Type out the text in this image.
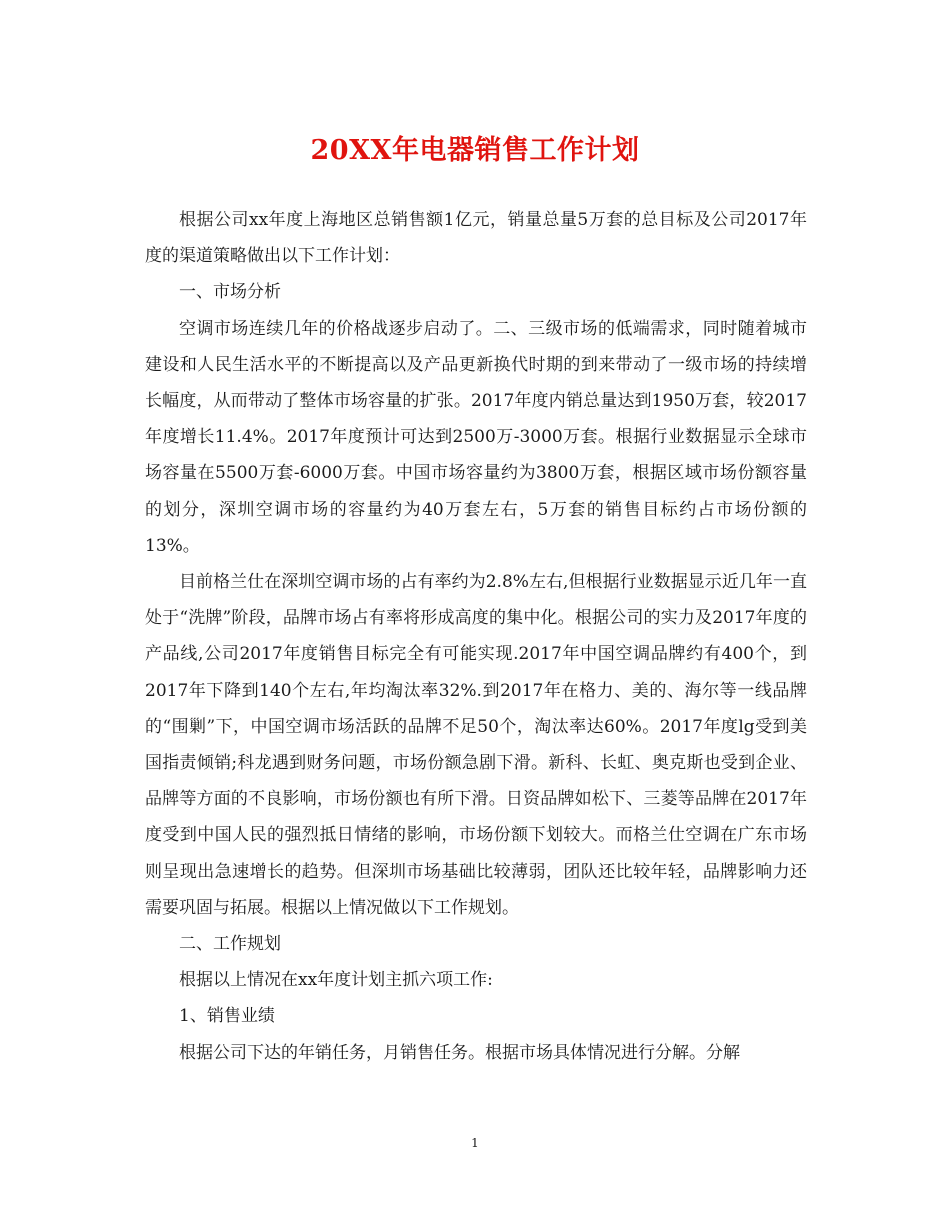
20XX年电器销售工作计划

根据公司xx年度上海地区总销售额1亿元，销量总量5万套的总目标及公司2017年度的渠道策略做出以下工作计划：

一、市场分析

空调市场连续几年的价格战逐步启动了。二、三级市场的低端需求，同时随着城市建设和人民生活水平的不断提高以及产品更新换代时期的到来带动了一级市场的持续增长幅度，从而带动了整体市场容量的扩张。2017年度内销总量达到1950万套，较2017年度增长11.4%。2017年度预计可达到2500万-3000万套。根据行业数据显示全球市场容量在5500万套-6000万套。中国市场容量约为3800万套，根据区域市场份额容量的划分，深圳空调市场的容量约为40万套左右，5万套的销售目标约占市场份额的13%。

目前格兰仕在深圳空调市场的占有率约为2.8%左右,但根据行业数据显示近几年一直处于“洗牌”阶段，品牌市场占有率将形成高度的集中化。根据公司的实力及2017年度的产品线,公司2017年度销售目标完全有可能实现.2017年中国空调品牌约有400个，到2017年下降到140个左右,年均淘汰率32%.到2017年在格力、美的、海尔等一线品牌的“围剿”下，中国空调市场活跃的品牌不足50个，淘汰率达60%。2017年度lg受到美国指责倾销;科龙遇到财务问题，市场份额急剧下滑。新科、长虹、奥克斯也受到企业、品牌等方面的不良影响，市场份额也有所下滑。日资品牌如松下、三菱等品牌在2017年度受到中国人民的强烈抵日情绪的影响，市场份额下划较大。而格兰仕空调在广东市场则呈现出急速增长的趋势。但深圳市场基础比较薄弱，团队还比较年轻，品牌影响力还需要巩固与拓展。根据以上情况做以下工作规划。

二、工作规划

根据以上情况在xx年度计划主抓六项工作:

1、销售业绩

根据公司下达的年销任务，月销售任务。根据市场具体情况进行分解。分解

1
